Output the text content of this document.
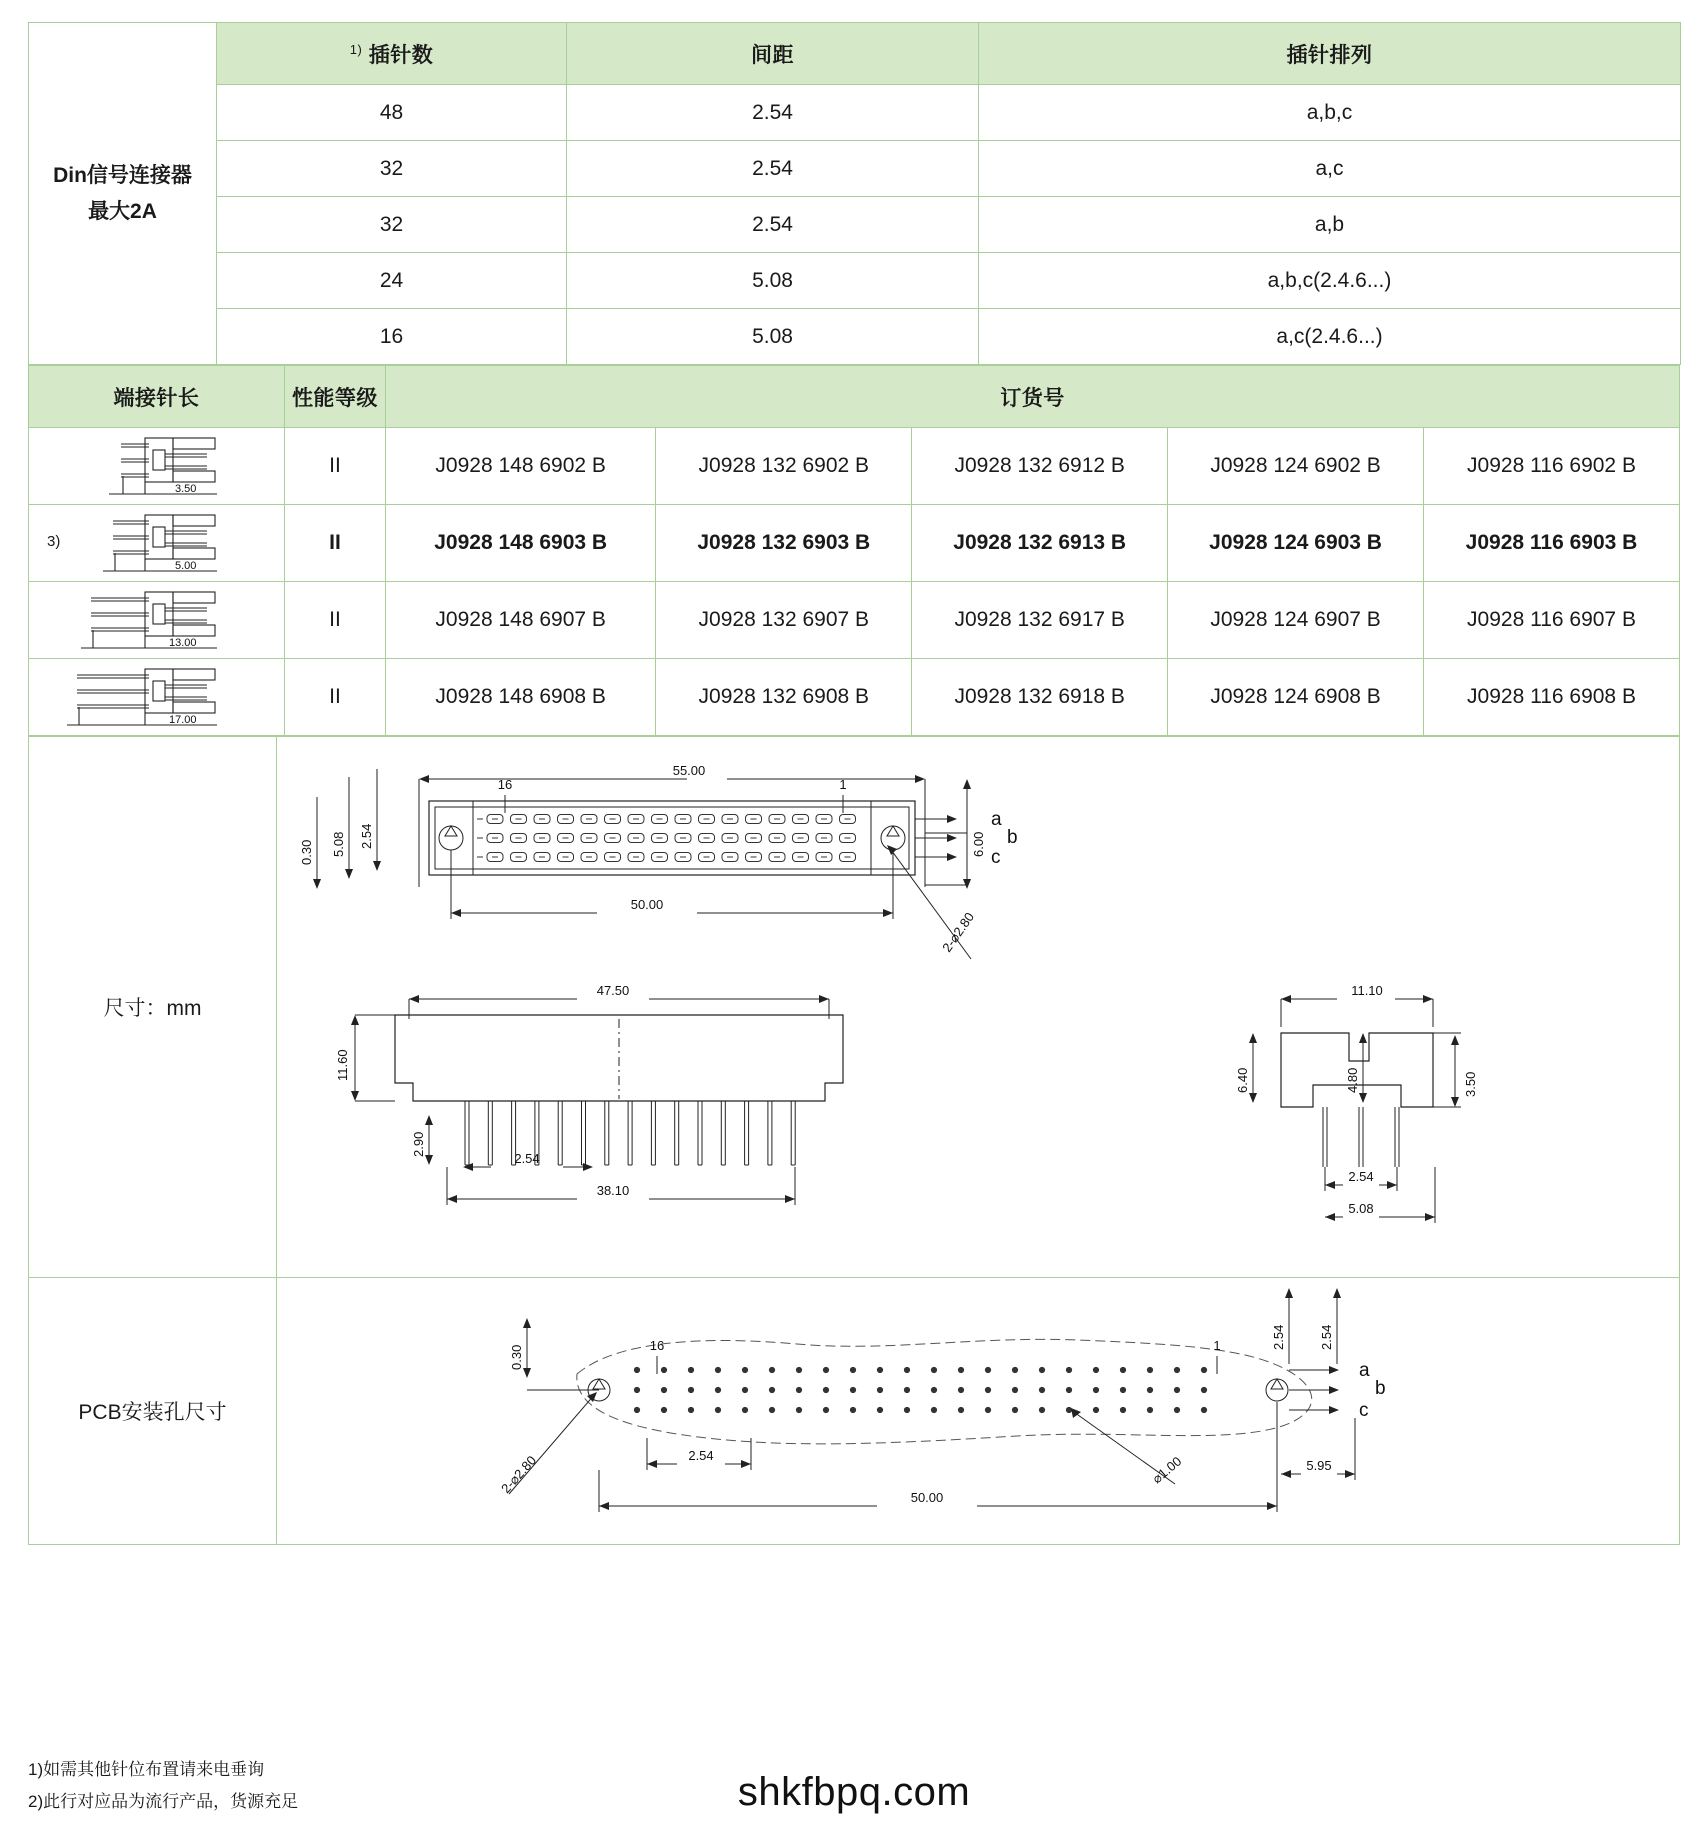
Din信号连接器
最大2A	$^{1)}$ 插针数	间距	插针排列
	48	2.54	a,b,c
	32	2.54	a,c
	32	2.54	a,b
	24	5.08	a,b,c(2.4.6...)
	16	5.08	a,c(2.4.6...)
端接针长	性能等级	订货号				

3.50	II	J0928 148 6902 B	J0928 132 6902 B	J0928 132 6912 B	J0928 124 6902 B	J0928 116 6902 B

3)
5.00	II	J0928 148 6903 B	J0928 132 6903 B	J0928 132 6913 B	J0928 124 6903 B	J0928 116 6903 B

13.00	II	J0928 148 6907 B	J0928 132 6907 B	J0928 132 6917 B	J0928 124 6907 B	J0928 116 6907 B

17.00	II	J0928 148 6908 B	J0928 132 6908 B	J0928 132 6918 B	J0928 124 6908 B	J0928 116 6908 B
尺寸：mm	
0.30 5.08 2.54
55.00
6.00
16	1
a
b
c
50.00
2-⌀2.80
11.60
47.50
2.90
2.54
38.10
11.10
6.40	4.80	3.50
2.54
5.08

PCB安装孔尺寸	
0.30
2.54	2.54
16	1
a
b
c
2-⌀2.80	⌀1.00
2.54
50.00
5.95
1)如需其他针位布置请来电垂询
2)此行对应品为流行产品，货源充足	shkfbpq.com
